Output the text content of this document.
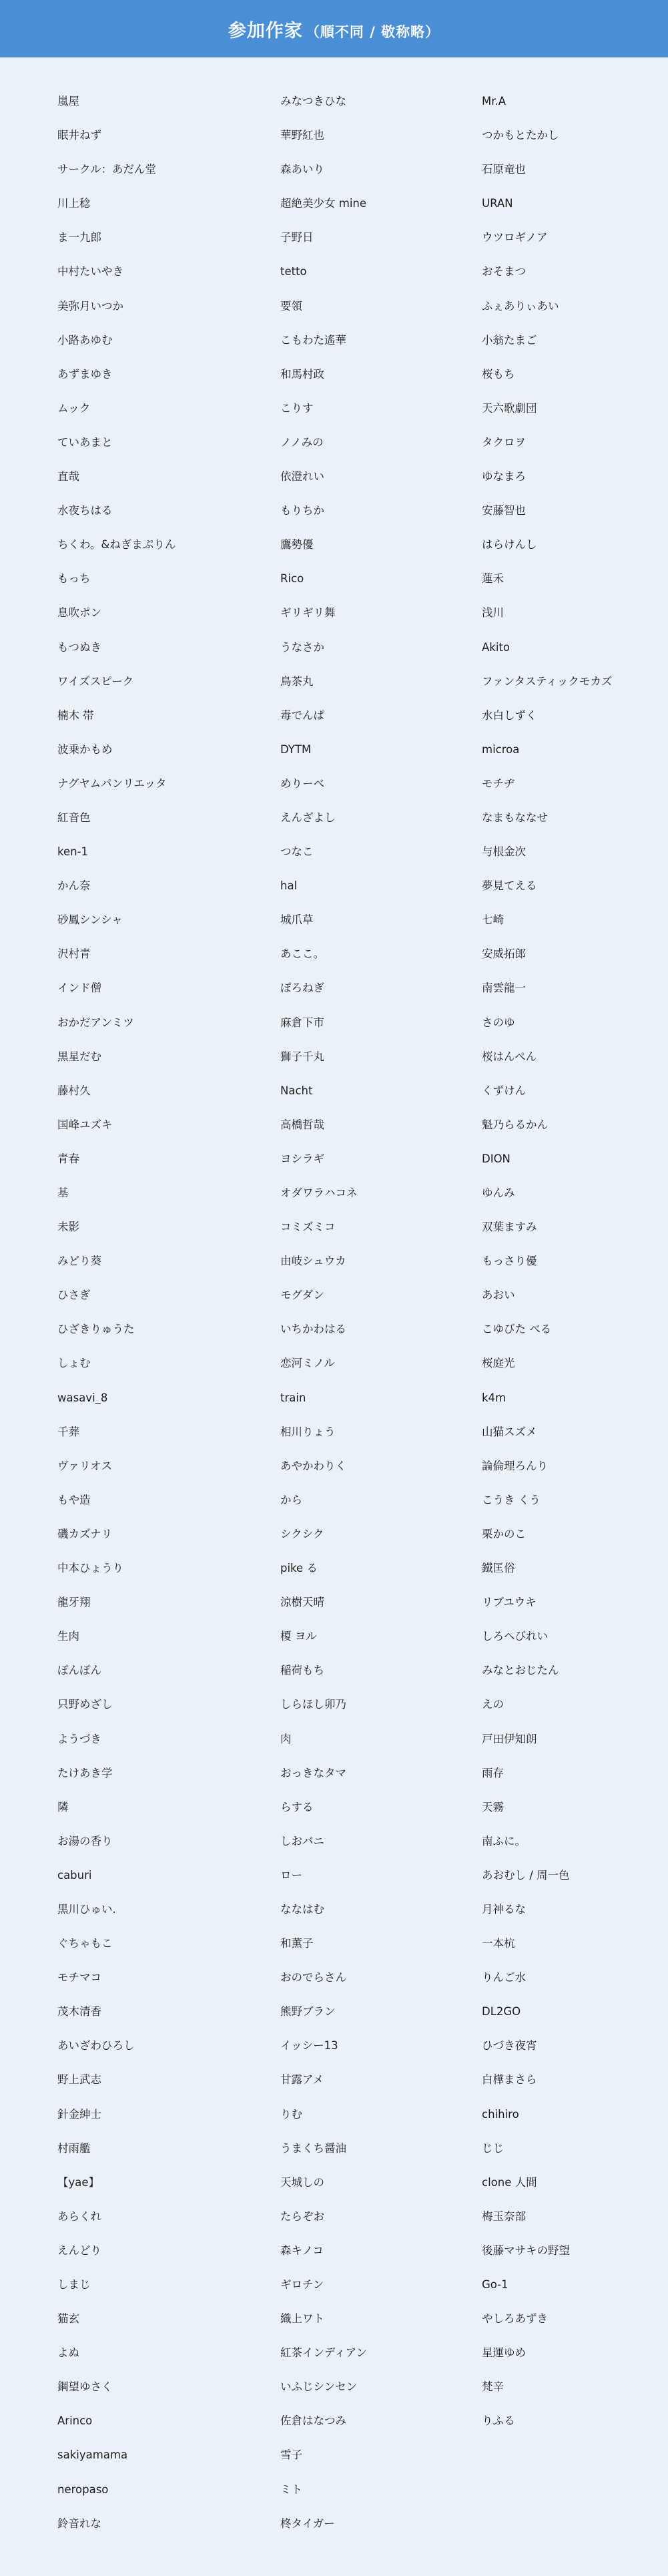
参加作家 （順不同 / 敬称略）
嵐屋
眠井ねず
サークル：あだん堂
川上稔
ま一九郎
中村たいやき
美弥月いつか
小路あゆむ
あずまゆき
ムック
ていあまと
直哉
水夜ちはる
ちくわ。&ねぎまぷりん
もっち
息吹ポン
もつぬき
ワイズスピーク
楠木 帯
波乗かもめ
ナグヤムパンリエッタ
紅音色
ken-1
かん奈
砂鳳シンシャ
沢村青
インド僧
おかだアンミツ
黒星だむ
藤村久
国峰ユズキ
青春
基
未影
みどり葵
ひさぎ
ひざきりゅうた
しょむ
wasavi_8
千葬
ヴァリオス
もや造
磯カズナリ
中本ひょうり
龍牙翔
生肉
ぽんぽん
只野めざし
ようづき
たけあき学
隣
お湯の香り
caburi
黒川ひゅい.
ぐちゃもこ
モチマコ
茂木清香
あいざわひろし
野上武志
針金紳士
村雨艦
【yae】
あらくれ
えんどり
しまじ
猫玄
よぬ
鋼望ゆさく
Arinco
sakiyamama
neropaso
鈴音れな
みなつきひな
華野紅也
森あいり
超絶美少女 mine
子野日
tetto
要領
こもわた遙華
和馬村政
こりす
ノノみの
依澄れい
もりちか
鷹勢優
Rico
ギリギリ舞
うなさか
鳥茶丸
毒でんぱ
DYTM
めりーべ
えんざよし
つなこ
hal
城爪草
あここ。
ぽろねぎ
麻倉下市
獅子千丸
Nacht
高橋哲哉
ヨシラギ
オダワラハコネ
コミズミコ
由岐シュウカ
モグダン
いちかわはる
恋河ミノル
train
相川りょう
あやかわりく
から
シクシク
pike る
涼樹天晴
榎 ヨル
稲荷もち
しらほし卯乃
肉
おっきなタマ
らする
しおバニ
ロー
ななはむ
和薫子
おのでらさん
熊野ブラン
イッシー13
甘露アメ
りむ
うまくち醤油
天城しの
たらぞお
森キノコ
ギロチン
織上ワト
紅茶インディアン
いふじシンセン
佐倉はなつみ
雪子
ミト
柊タイガー
Mr.A
つかもとたかし
石原竜也
URAN
ウツロギノア
おそまつ
ふぇありぃあい
小翁たまご
桜もち
天六歌劇団
タクロヲ
ゆなまろ
安藤智也
はらけんし
蓮禾
浅川
Akito
ファンタスティックモカズ
水白しずく
microa
モチヂ
なまもななせ
与根金次
夢見てえる
七崎
安威拓郎
南雲龍一
さのゆ
桜はんぺん
くずけん
魁乃らるかん
DION
ゆんみ
双葉ますみ
もっさり優
あおい
こゆびた べる
桜庭光
k4m
山猫スズメ
論倫理ろんり
こうき くう
栗かのこ
鐵匡俗
リブユウキ
しろへびれい
みなとおじたん
えの
戸田伊知朗
雨存
天霧
南ふに。
あおむし / 周一色
月神るな
一本杭
りんご水
DL2GO
ひづき夜宵
白樺まさら
chihiro
じじ
clone 人間
梅玉奈部
後藤マサキの野望
Go-1
やしろあずき
星運ゆめ
梵辛
りふる
